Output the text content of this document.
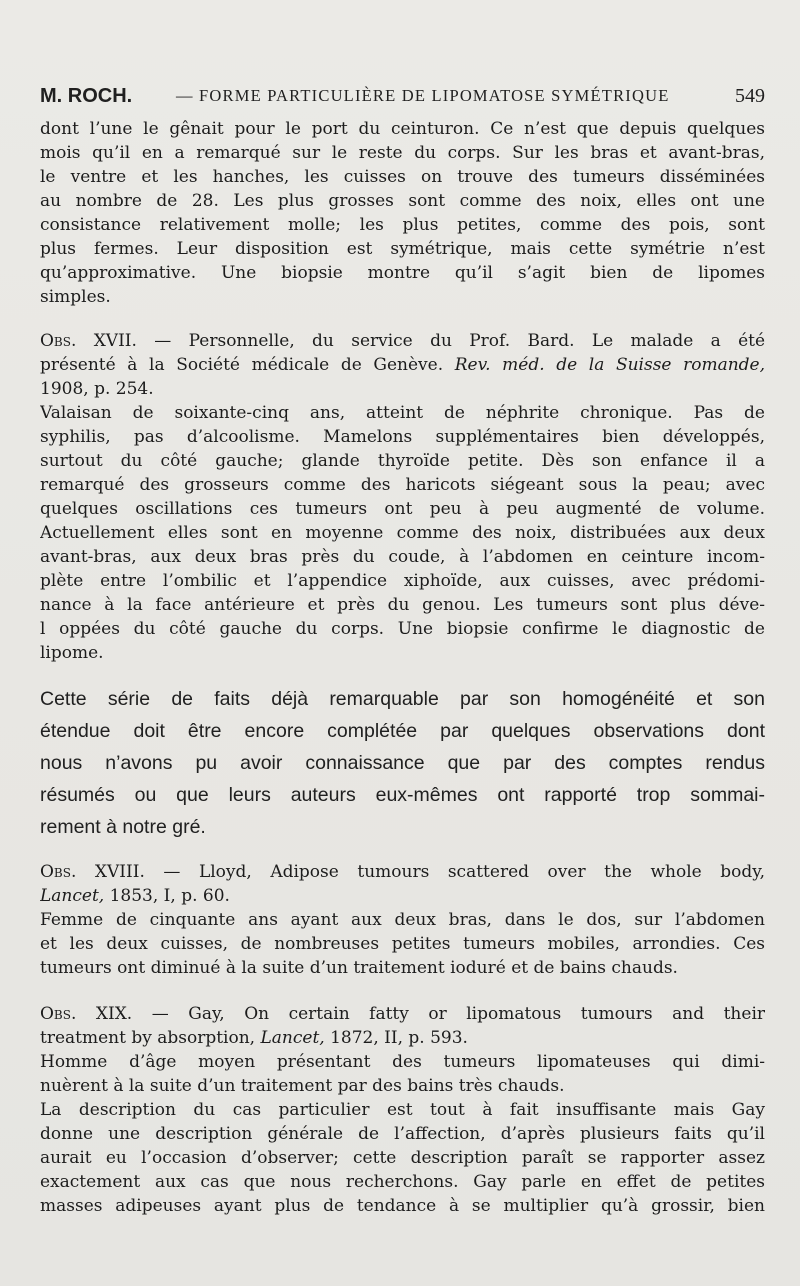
M. ROCH.	— FORME PARTICULIÈRE DE LIPOMATOSE SYMÉTRIQUE	549
dont l’une le gênait pour le port du ceinturon. Ce n’est que depuis quelques
mois qu’il en a remarqué sur le reste du corps. Sur les bras et avant-bras,
le ventre et les hanches, les cuisses on trouve des tumeurs disséminées
au nombre de 28. Les plus grosses sont comme des noix, elles ont une
consistance relativement molle; les plus petites, comme des pois, sont
plus fermes. Leur disposition est symétrique, mais cette symétrie n’est
qu’approximative. Une biopsie montre qu’il s’agit bien de lipomes
simples.
Obs. XVII. — Personnelle, du service du Prof. Bard. Le malade a été
présenté à la Société médicale de Genève. Rev. méd. de la Suisse romande,
1908, p. 254.
Valaisan de soixante-cinq ans, atteint de néphrite chronique. Pas de
syphilis, pas d’alcoolisme. Mamelons supplémentaires bien développés,
surtout du côté gauche; glande thyroïde petite. Dès son enfance il a
remarqué des grosseurs comme des haricots siégeant sous la peau; avec
quelques oscillations ces tumeurs ont peu à peu augmenté de volume.
Actuellement elles sont en moyenne comme des noix, distribuées aux deux
avant-bras, aux deux bras près du coude, à l’abdomen en ceinture incom-
plète entre l’ombilic et l’appendice xiphoïde, aux cuisses, avec prédomi-
nance à la face antérieure et près du genou. Les tumeurs sont plus déve-
l oppées du côté gauche du corps. Une biopsie confirme le diagnostic de
lipome.
Cette série de faits déjà remarquable par son homogénéité et son
étendue doit être encore complétée par quelques observations dont
nous n’avons pu avoir connaissance que par des comptes rendus
résumés ou que leurs auteurs eux-mêmes ont rapporté trop sommai-
rement à notre gré.
Obs. XVIII. — Lloyd, Adipose tumours scattered over the whole body,
Lancet, 1853, I, p. 60.
Femme de cinquante ans ayant aux deux bras, dans le dos, sur l’abdomen
et les deux cuisses, de nombreuses petites tumeurs mobiles, arrondies. Ces
tumeurs ont diminué à la suite d’un traitement ioduré et de bains chauds.
Obs. XIX. — Gay, On certain fatty or lipomatous tumours and their
treatment by absorption, Lancet, 1872, II, p. 593.
Homme d’âge moyen présentant des tumeurs lipomateuses qui dimi-
nuèrent à la suite d’un traitement par des bains très chauds.
La description du cas particulier est tout à fait insuffisante mais Gay
donne une description générale de l’affection, d’après plusieurs faits qu’il
aurait eu l’occasion d’observer; cette description paraît se rapporter assez
exactement aux cas que nous recherchons. Gay parle en effet de petites
masses adipeuses ayant plus de tendance à se multiplier qu’à grossir, bien
